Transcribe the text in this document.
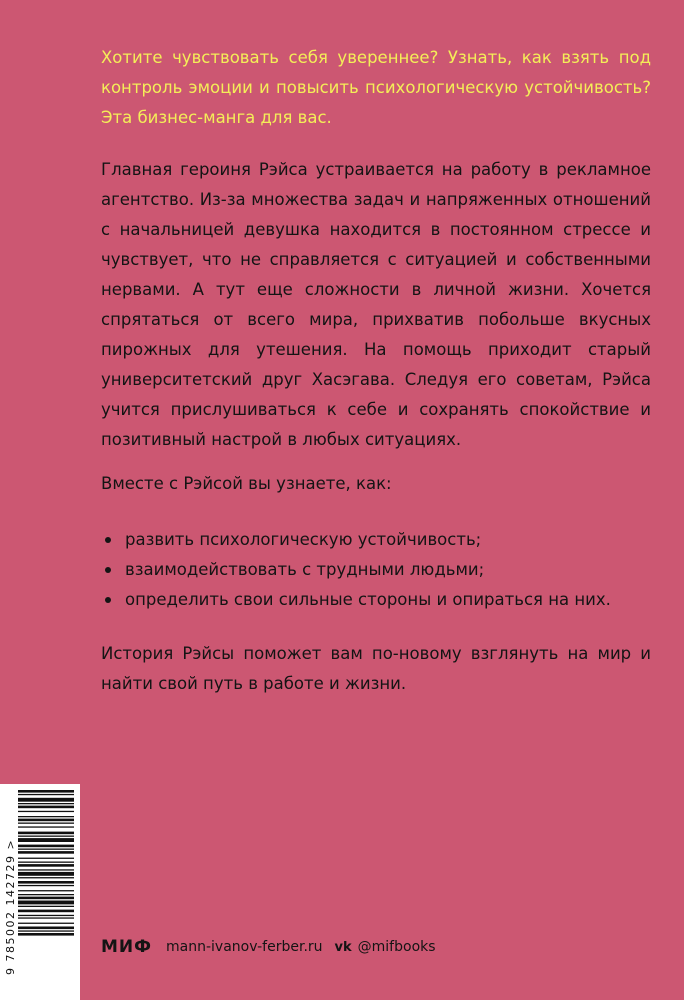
Хотите чувствовать себя увереннее? Узнать, как взять под контроль эмоции и повысить психологическую устойчивость? Эта бизнес-манга для вас.

Главная героиня Рэйса устраивается на работу в рекламное агентство. Из-за множества задач и напряженных отношений с начальницей девушка находится в постоянном стрессе и чувствует, что не справляется с ситуацией и собственными нервами. А тут еще сложности в личной жизни. Хочется спрятаться от всего мира, прихватив побольше вкусных пирожных для утешения. На помощь приходит старый университетский друг Хасэгава. Следуя его советам, Рэйса учится прислушиваться к себе и сохранять спокойствие и позитивный настрой в любых ситуациях.

Вместе с Рэйсой вы узнаете, как:

развить психологическую устойчивость;
взаимодействовать с трудными людьми;
определить свои сильные стороны и опираться на них.

История Рэйсы поможет вам по-новому взглянуть на мир и найти свой путь в работе и жизни.

9 785002 142729 >	МИФ mann-ivanov-ferber.ru vk @mifbooks
